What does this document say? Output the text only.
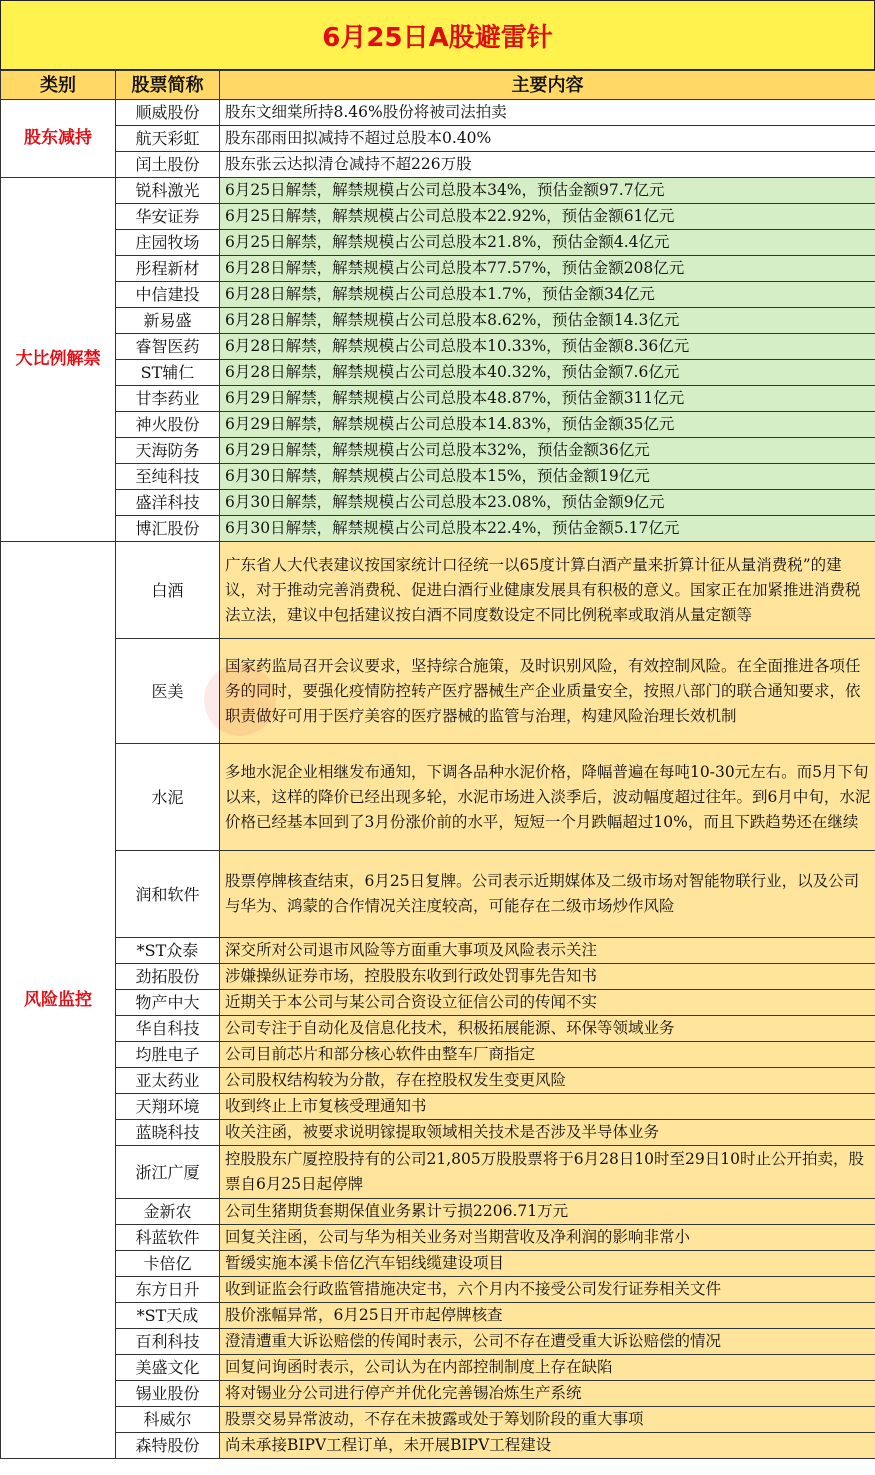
6月25日A股避雷针
类别	股票简称	主要内容
股东减持	顺威股份	股东文细棠所持8.46%股份将被司法拍卖
	航天彩虹	股东邵雨田拟减持不超过总股本0.40%
	闰土股份	股东张云达拟清仓减持不超226万股
大比例解禁	锐科激光	6月25日解禁，解禁规模占公司总股本34%，预估金额97.7亿元
	华安证券	6月25日解禁，解禁规模占公司总股本22.92%，预估金额61亿元
	庄园牧场	6月25日解禁，解禁规模占公司总股本21.8%，预估金额4.4亿元
	彤程新材	6月28日解禁，解禁规模占公司总股本77.57%，预估金额208亿元
	中信建投	6月28日解禁，解禁规模占公司总股本1.7%，预估金额34亿元
	新易盛	6月28日解禁，解禁规模占公司总股本8.62%，预估金额14.3亿元
	睿智医药	6月28日解禁，解禁规模占公司总股本10.33%，预估金额8.36亿元
	ST辅仁	6月28日解禁，解禁规模占公司总股本40.32%，预估金额7.6亿元
	甘李药业	6月29日解禁，解禁规模占公司总股本48.87%，预估金额311亿元
	神火股份	6月29日解禁，解禁规模占公司总股本14.83%，预估金额35亿元
	天海防务	6月29日解禁，解禁规模占公司总股本32%，预估金额36亿元
	至纯科技	6月30日解禁，解禁规模占公司总股本15%，预估金额19亿元
	盛洋科技	6月30日解禁，解禁规模占公司总股本23.08%，预估金额9亿元
	博汇股份	6月30日解禁，解禁规模占公司总股本22.4%，预估金额5.17亿元
风险监控	白酒	广东省人大代表建议按国家统计口径统一以65度计算白酒产量来折算计征从量消费税”的建议，对于推动完善消费税、促进白酒行业健康发展具有积极的意义。国家正在加紧推进消费税法立法，建议中包括建议按白酒不同度数设定不同比例税率或取消从量定额等
	医美	国家药监局召开会议要求，坚持综合施策，及时识别风险，有效控制风险。在全面推进各项任务的同时，要强化疫情防控转产医疗器械生产企业质量安全，按照八部门的联合通知要求，依职责做好可用于医疗美容的医疗器械的监管与治理，构建风险治理长效机制
	水泥	多地水泥企业相继发布通知，下调各品种水泥价格，降幅普遍在每吨10-30元左右。而5月下旬以来，这样的降价已经出现多轮，水泥市场进入淡季后，波动幅度超过往年。到6月中旬，水泥价格已经基本回到了3月份涨价前的水平，短短一个月跌幅超过10%，而且下跌趋势还在继续
	润和软件	股票停牌核查结束，6月25日复牌。公司表示近期媒体及二级市场对智能物联行业，以及公司与华为、鸿蒙的合作情况关注度较高，可能存在二级市场炒作风险
	*ST众泰	深交所对公司退市风险等方面重大事项及风险表示关注
	劲拓股份	涉嫌操纵证券市场，控股股东收到行政处罚事先告知书
	物产中大	近期关于本公司与某公司合资设立征信公司的传闻不实
	华自科技	公司专注于自动化及信息化技术，积极拓展能源、环保等领域业务
	均胜电子	公司目前芯片和部分核心软件由整车厂商指定
	亚太药业	公司股权结构较为分散，存在控股权发生变更风险
	天翔环境	收到终止上市复核受理通知书
	蓝晓科技	收关注函，被要求说明镓提取领域相关技术是否涉及半导体业务
	浙江广厦	控股股东广厦控股持有的公司21,805万股股票将于6月28日10时至29日10时止公开拍卖，股票自6月25日起停牌
	金新农	公司生猪期货套期保值业务累计亏损2206.71万元
	科蓝软件	回复关注函，公司与华为相关业务对当期营收及净利润的影响非常小
	卡倍亿	暂缓实施本溪卡倍亿汽车铝线缆建设项目
	东方日升	收到证监会行政监管措施决定书，六个月内不接受公司发行证券相关文件
	*ST天成	股价涨幅异常，6月25日开市起停牌核查
	百利科技	澄清遭重大诉讼赔偿的传闻时表示，公司不存在遭受重大诉讼赔偿的情况
	美盛文化	回复问询函时表示，公司认为在内部控制制度上存在缺陷
	锡业股份	将对锡业分公司进行停产并优化完善锡冶炼生产系统
	科威尔	股票交易异常波动，不存在未披露或处于筹划阶段的重大事项
	森特股份	尚未承接BIPV工程订单，未开展BIPV工程建设
